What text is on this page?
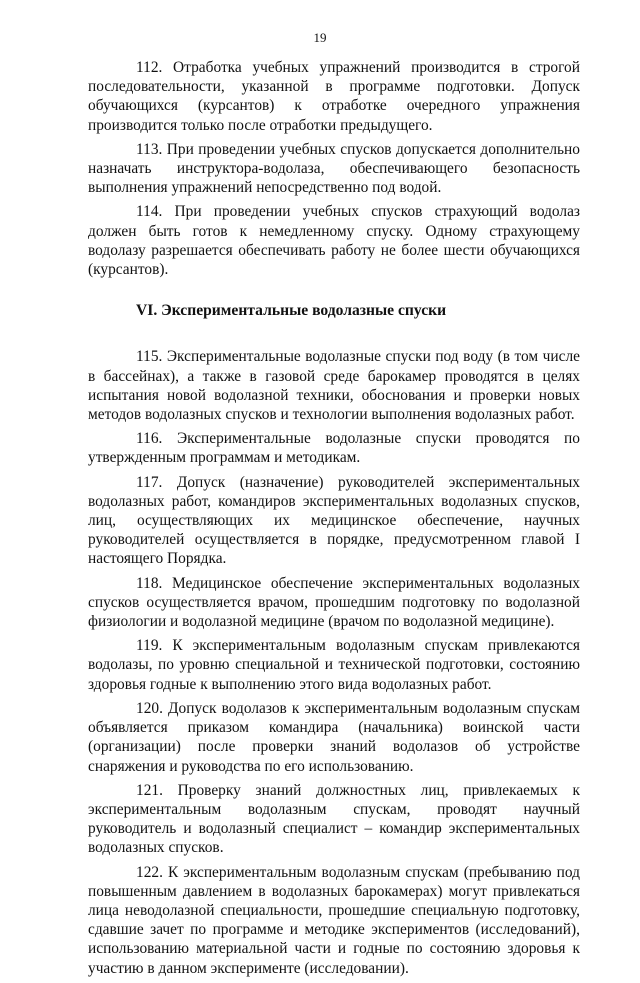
19

112. Отработка учебных упражнений производится в строгой последовательности, указанной в программе подготовки. Допуск обучающихся (курсантов) к отработке очередного упражнения производится только после отработки предыдущего.

113. При проведении учебных спусков допускается дополнительно назначать инструктора-водолаза, обеспечивающего безопасность выполнения упражнений непосредственно под водой.

114. При проведении учебных спусков страхующий водолаз должен быть готов к немедленному спуску. Одному страхующему водолазу разрешается обеспечивать работу не более шести обучающихся (курсантов).

VI. Экспериментальные водолазные спуски

115. Экспериментальные водолазные спуски под воду (в том числе в бассейнах), а также в газовой среде барокамер проводятся в целях испытания новой водолазной техники, обоснования и проверки новых методов водолазных спусков и технологии выполнения водолазных работ.

116. Экспериментальные водолазные спуски проводятся по утвержденным программам и методикам.

117. Допуск (назначение) руководителей экспериментальных водолазных работ, командиров экспериментальных водолазных спусков, лиц, осуществляющих их медицинское обеспечение, научных руководителей осуществляется в порядке, предусмотренном главой I настоящего Порядка.

118. Медицинское обеспечение экспериментальных водолазных спусков осуществляется врачом, прошедшим подготовку по водолазной физиологии и водолазной медицине (врачом по водолазной медицине).

119. К экспериментальным водолазным спускам привлекаются водолазы, по уровню специальной и технической подготовки, состоянию здоровья годные к выполнению этого вида водолазных работ.

120. Допуск водолазов к экспериментальным водолазным спускам объявляется приказом командира (начальника) воинской части (организации) после проверки знаний водолазов об устройстве снаряжения и руководства по его использованию.

121. Проверку знаний должностных лиц, привлекаемых к экспериментальным водолазным спускам, проводят научный руководитель и водолазный специалист – командир экспериментальных водолазных спусков.

122. К экспериментальным водолазным спускам (пребыванию под повышенным давлением в водолазных барокамерах) могут привлекаться лица неводолазной специальности, прошедшие специальную подготовку, сдавшие зачет по программе и методике экспериментов (исследований), использованию материальной части и годные по состоянию здоровья к участию в данном эксперименте (исследовании).
